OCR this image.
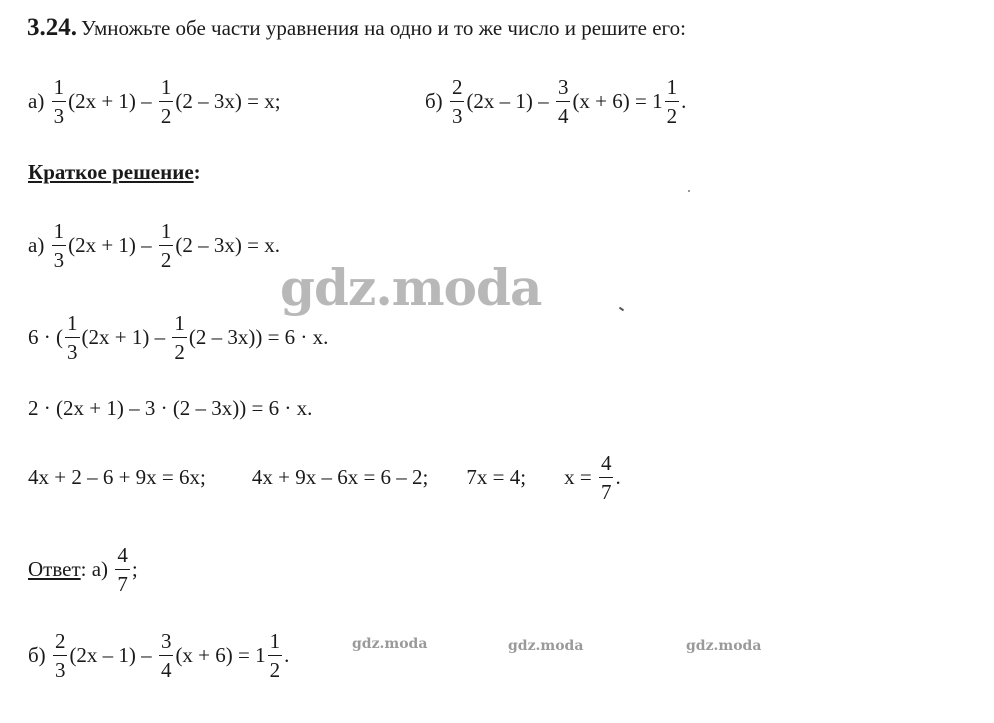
3.24. Умножьте обе части уравнения на одно и то же число и решите его:
а)
$\frac{1}{3} (2x + 1)$ –
$\frac{1}{2} (2 - 3x) = x$;	б)
$\frac{2}{3} (2x - 1)$ –
$\frac{3}{4} (x + 6) = 1 \frac{1}{2}$ .
Краткое решение:
а)
$\frac{1}{3} (2x + 1)$ –
$\frac{1}{2} (2 - 3x) = x$.
gdz.moda
6 · ( $\frac{1}{3} (2x + 1)$ –
$\frac{1}{2} (2 - 3x)) = 6 \cdot x$.
2 · (2x + 1) – 3 · (2 – 3x)) = 6 · x.
4x + 2 – 6 + 9x = 6x; 4x + 9x – 6x = 6 – 2; 7x = 4; x =
$\frac{4}{7}$ .
Ответ :
а)
$\frac{4}{7}$ ;
б)
$\frac{2}{3} (2x - 1)$ –
$\frac{3}{4} (x + 6) = 1 \frac{1}{2}$ .	gdz.moda	gdz.moda	gdz.moda
